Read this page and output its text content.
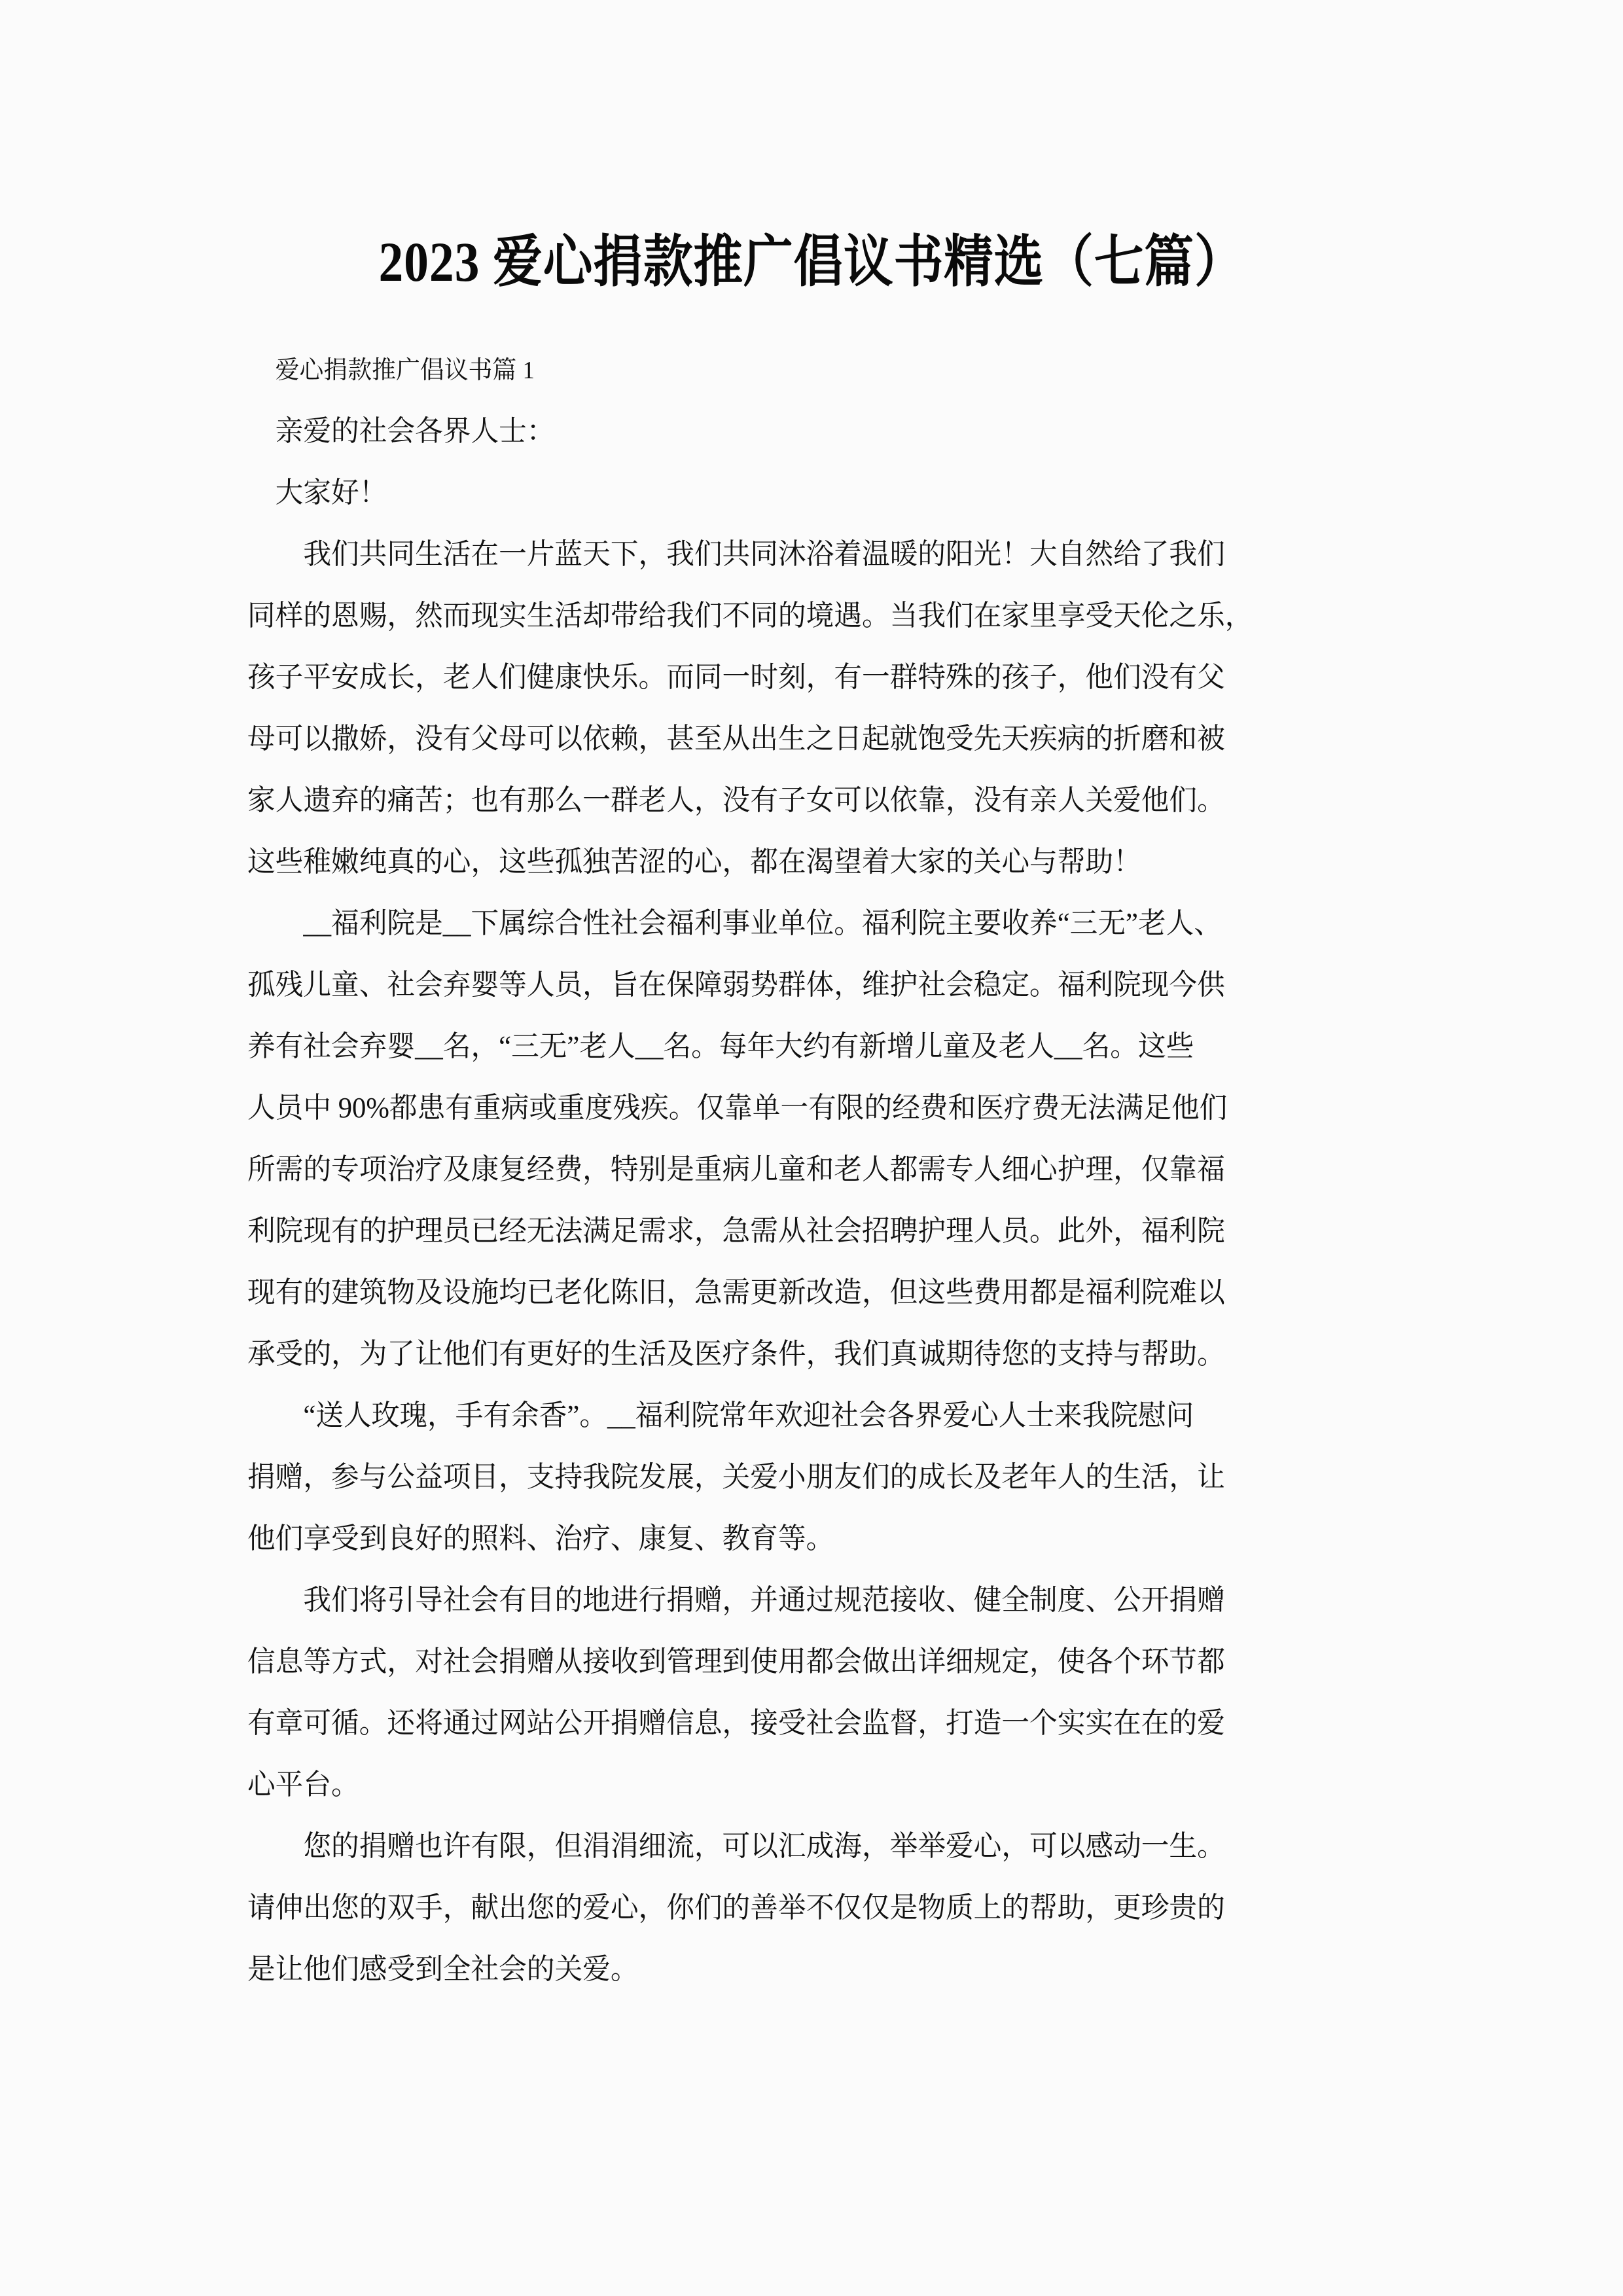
2023 爱心捐款推广倡议书精选（七篇）
爱心捐款推广倡议书篇 1
亲爱的社会各界人士：
大家好！
我们共同生活在一片蓝天下，我们共同沐浴着温暖的阳光！大自然给了我们
同样的恩赐，然而现实生活却带给我们不同的境遇。当我们在家里享受天伦之乐，
孩子平安成长，老人们健康快乐。而同一时刻，有一群特殊的孩子，他们没有父
母可以撒娇，没有父母可以依赖，甚至从出生之日起就饱受先天疾病的折磨和被
家人遗弃的痛苦；也有那么一群老人，没有子女可以依靠，没有亲人关爱他们。
这些稚嫩纯真的心，这些孤独苦涩的心，都在渴望着大家的关心与帮助！
__福利院是__下属综合性社会福利事业单位。福利院主要收养“三无”老人、
孤残儿童、社会弃婴等人员，旨在保障弱势群体，维护社会稳定。福利院现今供
养有社会弃婴__名，“三无”老人__名。每年大约有新增儿童及老人__名。这些
人员中 90%都患有重病或重度残疾。仅靠单一有限的经费和医疗费无法满足他们
所需的专项治疗及康复经费，特别是重病儿童和老人都需专人细心护理，仅靠福
利院现有的护理员已经无法满足需求，急需从社会招聘护理人员。此外，福利院
现有的建筑物及设施均已老化陈旧，急需更新改造，但这些费用都是福利院难以
承受的，为了让他们有更好的生活及医疗条件，我们真诚期待您的支持与帮助。
“送人玫瑰，手有余香”。__福利院常年欢迎社会各界爱心人士来我院慰问
捐赠，参与公益项目，支持我院发展，关爱小朋友们的成长及老年人的生活，让
他们享受到良好的照料、治疗、康复、教育等。
我们将引导社会有目的地进行捐赠，并通过规范接收、健全制度、公开捐赠
信息等方式，对社会捐赠从接收到管理到使用都会做出详细规定，使各个环节都
有章可循。还将通过网站公开捐赠信息，接受社会监督，打造一个实实在在的爱
心平台。
您的捐赠也许有限，但涓涓细流，可以汇成海，举举爱心，可以感动一生。
请伸出您的双手，献出您的爱心，你们的善举不仅仅是物质上的帮助，更珍贵的
是让他们感受到全社会的关爱。
